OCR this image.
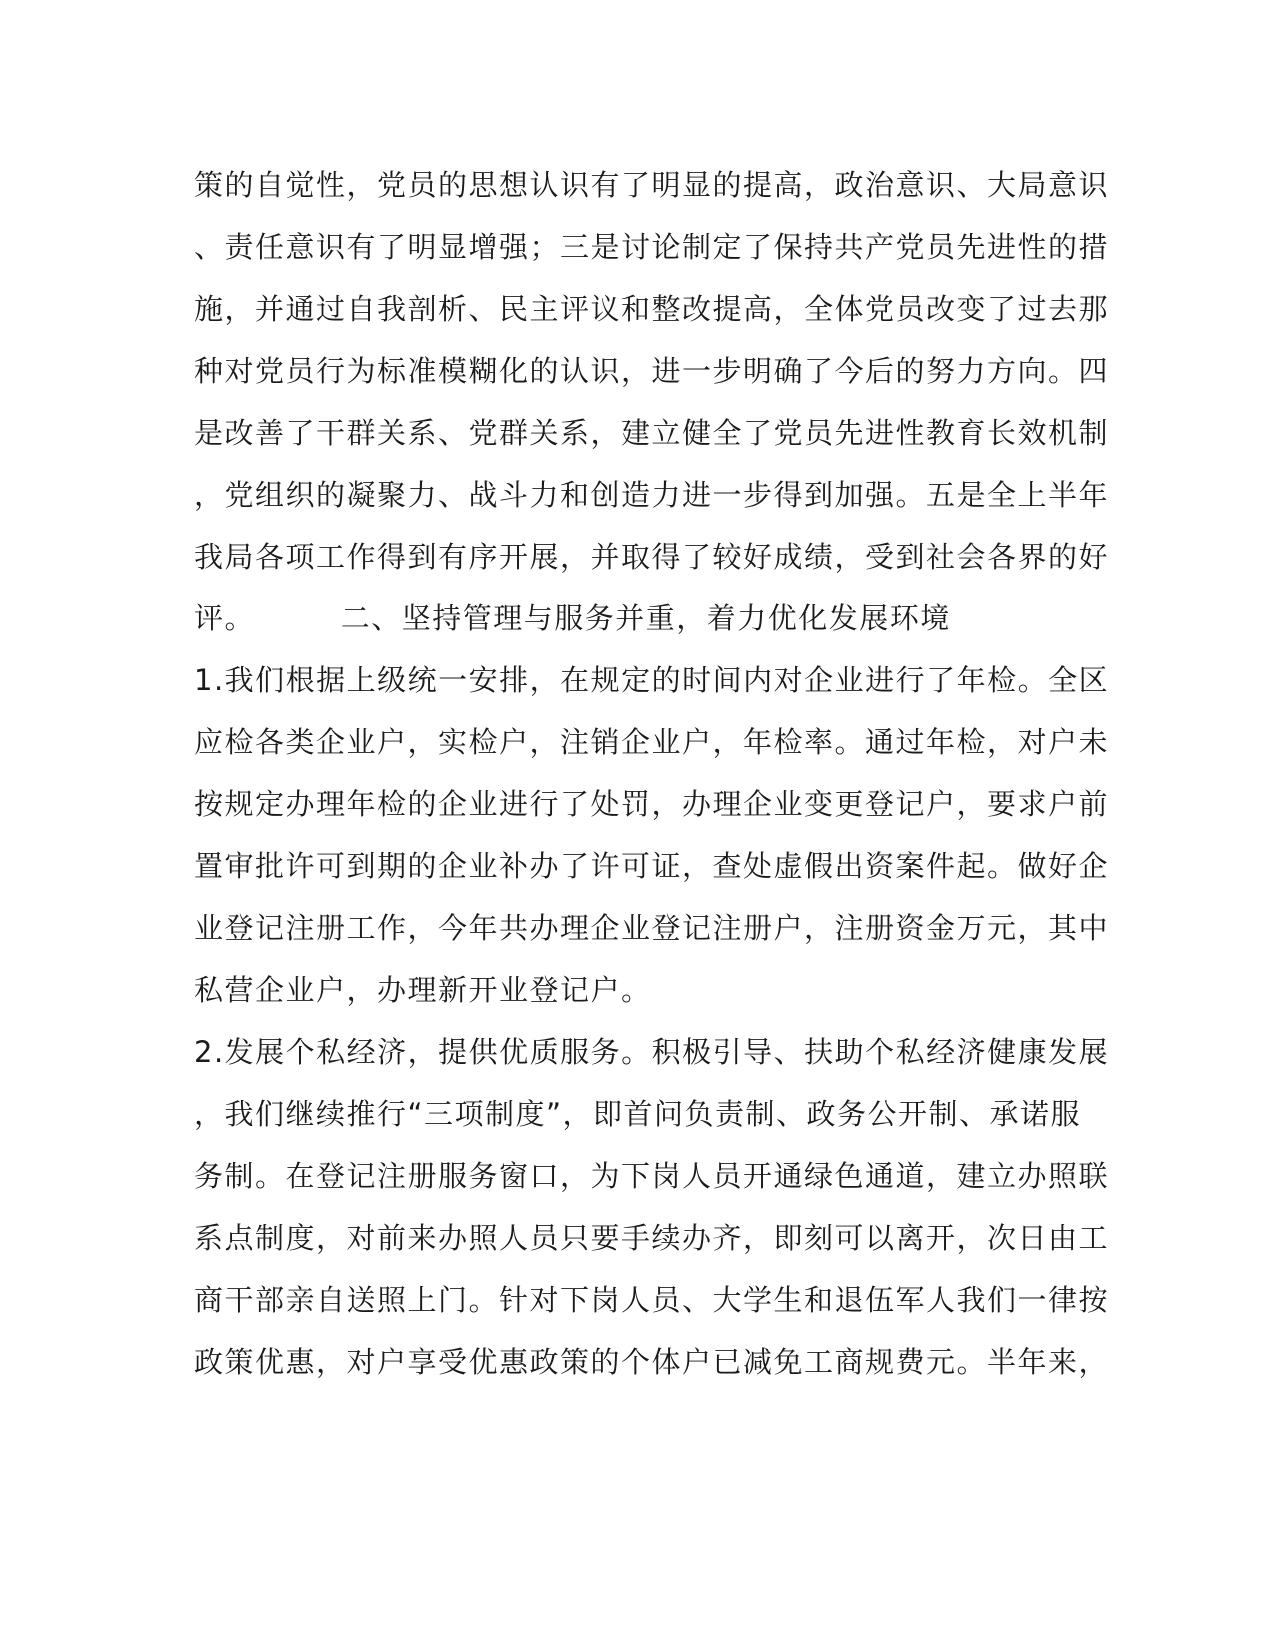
策的自觉性，党员的思想认识有了明显的提高，政治意识、大局意识
、责任意识有了明显增强；三是讨论制定了保持共产党员先进性的措
施，并通过自我剖析、民主评议和整改提高，全体党员改变了过去那
种对党员行为标准模糊化的认识，进一步明确了今后的努力方向。四
是改善了干群关系、党群关系，建立健全了党员先进性教育长效机制
，党组织的凝聚力、战斗力和创造力进一步得到加强。五是全上半年
我局各项工作得到有序开展，并取得了较好成绩，受到社会各界的好
评。        二、坚持管理与服务并重，着力优化发展环境
1.我们根据上级统一安排，在规定的时间内对企业进行了年检。全区
应检各类企业户，实检户，注销企业户，年检率。通过年检，对户未
按规定办理年检的企业进行了处罚，办理企业变更登记户，要求户前
置审批许可到期的企业补办了许可证，查处虚假出资案件起。做好企
业登记注册工作，今年共办理企业登记注册户，注册资金万元，其中
私营企业户，办理新开业登记户。
2.发展个私经济，提供优质服务。积极引导、扶助个私经济健康发展
，我们继续推行“三项制度”，即首问负责制、政务公开制、承诺服
务制。在登记注册服务窗口，为下岗人员开通绿色通道，建立办照联
系点制度，对前来办照人员只要手续办齐，即刻可以离开，次日由工
商干部亲自送照上门。针对下岗人员、大学生和退伍军人我们一律按
政策优惠，对户享受优惠政策的个体户已减免工商规费元。半年来，
